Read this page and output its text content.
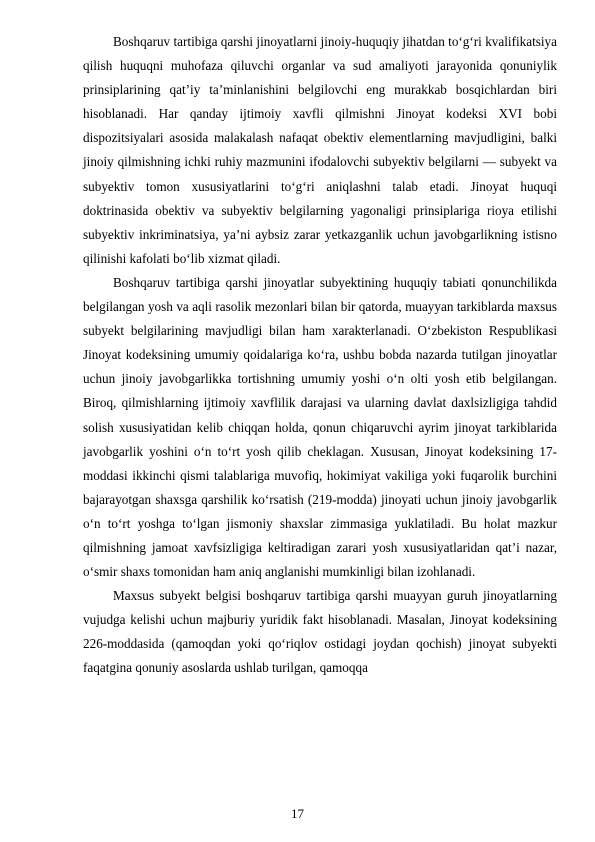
Boshqaruv tartibiga qarshi jinoyatlarni jinoiy-huquqiy jihatdan to‘g‘ri kvalifikatsiya qilish huquqni muhofaza qiluvchi organlar va sud amaliyoti jarayonida qonuniylik prinsiplarining qat’iy ta’minlanishini belgilovchi eng murakkab bosqichlardan biri hisoblanadi. Har qanday ijtimoiy xavfli qilmishni Jinoyat kodeksi XVI bobi dispozitsiyalari asosida malakalash nafaqat obektiv elementlarning mavjudligini, balki jinoiy qilmishning ichki ruhiy mazmunini ifodalovchi subyektiv belgilarni — subyekt va subyektiv tomon xususiyatlarini to‘g‘ri aniqlashni talab etadi. Jinoyat huquqi doktrinasida obektiv va subyektiv belgilarning yagonaligi prinsiplariga rioya etilishi subyektiv inkriminatsiya, ya’ni aybsiz zarar yetkazganlik uchun javobgarlikning istisno qilinishi kafolati bo‘lib xizmat qiladi.

Boshqaruv tartibiga qarshi jinoyatlar subyektining huquqiy tabiati qonunchilikda belgilangan yosh va aqli rasolik mezonlari bilan bir qatorda, muayyan tarkiblarda maxsus subyekt belgilarining mavjudligi bilan ham xarakterlanadi. O‘zbekiston Respublikasi Jinoyat kodeksining umumiy qoidalariga ko‘ra, ushbu bobda nazarda tutilgan jinoyatlar uchun jinoiy javobgarlikka tortishning umumiy yoshi o‘n olti yosh etib belgilangan. Biroq, qilmishlarning ijtimoiy xavflilik darajasi va ularning davlat daxlsizligiga tahdid solish xususiyatidan kelib chiqqan holda, qonun chiqaruvchi ayrim jinoyat tarkiblarida javobgarlik yoshini o‘n to‘rt yosh qilib cheklagan. Xususan, Jinoyat kodeksining 17-moddasi ikkinchi qismi talablariga muvofiq, hokimiyat vakiliga yoki fuqarolik burchini bajarayotgan shaxsga qarshilik ko‘rsatish (219-modda) jinoyati uchun jinoiy javobgarlik o‘n to‘rt yoshga to‘lgan jismoniy shaxslar zimmasiga yuklatiladi. Bu holat mazkur qilmishning jamoat xavfsizligiga keltiradigan zarari yosh xususiyatlaridan qat’i nazar, o‘smir shaxs tomonidan ham aniq anglanishi mumkinligi bilan izohlanadi.

Maxsus subyekt belgisi boshqaruv tartibiga qarshi muayyan guruh jinoyatlarning vujudga kelishi uchun majburiy yuridik fakt hisoblanadi. Masalan, Jinoyat kodeksining 226-moddasida (qamoqdan yoki qo‘riqlov ostidagi joydan qochish) jinoyat subyekti faqatgina qonuniy asoslarda ushlab turilgan, qamoqqa

17
